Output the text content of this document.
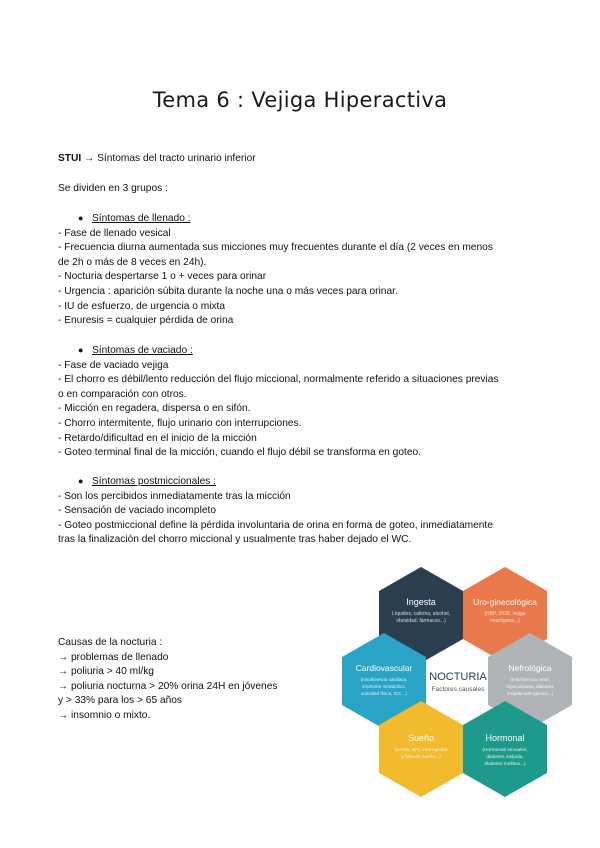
Tema 6 : Vejiga Hiperactiva
STUI → Síntomas del tracto urinario inferior
Se dividen en 3 grupos :
● Síntomas de llenado :
- Fase de llenado vesical
- Frecuencia diurna aumentada sus micciones muy frecuentes durante el día (2 veces en menos
de 2h o más de 8 veces en 24h).
- Nocturia despertarse 1 o + veces para orinar
- Urgencia : aparición súbita durante la noche una o más veces para orinar.
- IU de esfuerzo, de urgencia o mixta
- Enuresis = cualquier pérdida de orina
● Síntomas de vaciado :
- Fase de vaciado vejiga
- El chorro es débil/lento reducción del flujo miccional, normalmente referido a situaciones previas
o en comparación con otros.
- Micción en regadera, dispersa o en sifón.
- Chorro intermitente, flujo urinario con interrupciones.
- Retardo/dificultad en el inicio de la micción
- Goteo terminal final de la micción, cuando el flujo débil se transforma en goteo.
● Síntomas postmiccionales :
- Son los percibidos inmediatamente tras la micción
- Sensación de vaciado incompleto
- Goteo postmiccional define la pérdida involuntaria de orina en forma de goteo, inmediatamente
tras la finalización del chorro miccional y usualmente tras haber dejado el WC.
Causas de la nocturia :
→ problemas de llenado
→ poliuria > 40 ml/kg
→ poliuria nocturna > 20% orina 24H en jóvenes
y > 33% para los > 65 años
→ insomnio o mixto.
NOCTURIA
Factores causales
Ingesta
Líquidos, cafeína, alcohol,
obesidad, fármacos...)
Uro-ginecológica
(HBP, OOB, vejiga
neurógena...)
Cardiovascular
(Insuficiencia cardiaca,
síndrome metabólico,
actividad física, ICC...)
Nefrológica
(Insuficiencia renal,
hipercalciuria, diabetes
insípida nefrogénica...)
Sueño
(SAHS, SPI, interrupción
y falta de sueño...)
Hormonal
(Hormonas sexuales,
diabetes insípida,
diabetes mellitus...)
